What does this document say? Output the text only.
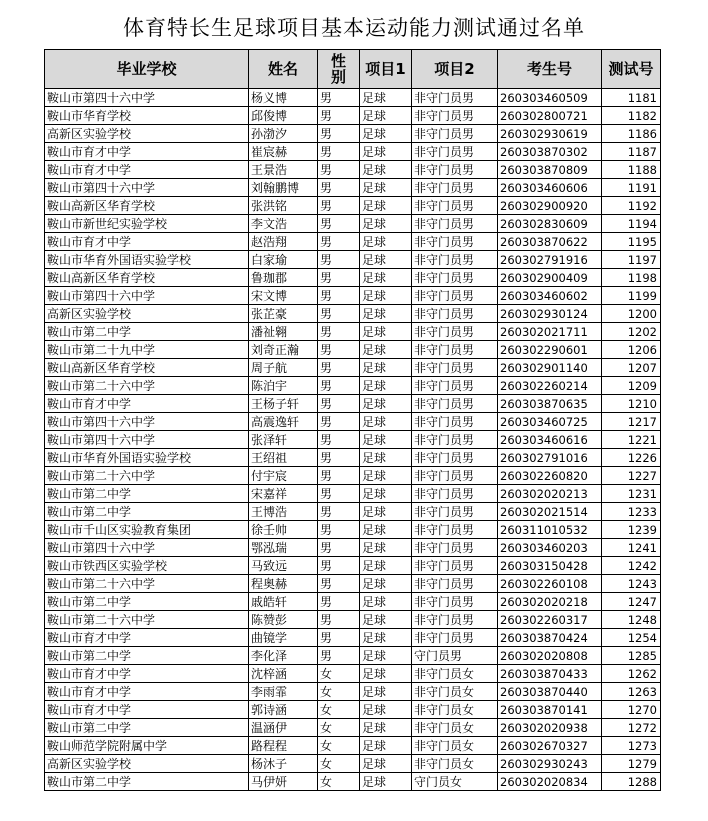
体育特长生足球项目基本运动能力测试通过名单
毕业学校	姓名	性别	项目1	项目2	考生号	测试号
鞍山市第四十六中学	杨义博	男	足球	非守门员男	260303460509	1181
鞍山市华育学校	邱俊博	男	足球	非守门员男	260302800721	1182
高新区实验学校	孙渤汐	男	足球	非守门员男	260302930619	1186
鞍山市育才中学	崔宸赫	男	足球	非守门员男	260303870302	1187
鞍山市育才中学	王景浩	男	足球	非守门员男	260303870809	1188
鞍山市第四十六中学	刘翰鹏博	男	足球	非守门员男	260303460606	1191
鞍山高新区华育学校	张洪铭	男	足球	非守门员男	260302900920	1192
鞍山市新世纪实验学校	李文浩	男	足球	非守门员男	260302830609	1194
鞍山市育才中学	赵浩翔	男	足球	非守门员男	260303870622	1195
鞍山市华育外国语实验学校	白家瑜	男	足球	非守门员男	260302791916	1197
鞍山高新区华育学校	鲁珈郡	男	足球	非守门员男	260302900409	1198
鞍山市第四十六中学	宋文博	男	足球	非守门员男	260303460602	1199
高新区实验学校	张芷豪	男	足球	非守门员男	260302930124	1200
鞍山市第二中学	潘祉翱	男	足球	非守门员男	260302021711	1202
鞍山市第二十九中学	刘奇正瀚	男	足球	非守门员男	260302290601	1206
鞍山高新区华育学校	周子航	男	足球	非守门员男	260302901140	1207
鞍山市第二十六中学	陈泊宇	男	足球	非守门员男	260302260214	1209
鞍山市育才中学	王杨子轩	男	足球	非守门员男	260303870635	1210
鞍山市第四十六中学	高震逸轩	男	足球	非守门员男	260303460725	1217
鞍山市第四十六中学	张泽轩	男	足球	非守门员男	260303460616	1221
鞍山市华育外国语实验学校	王绍祖	男	足球	非守门员男	260302791016	1226
鞍山市第二十六中学	付宇宸	男	足球	非守门员男	260302260820	1227
鞍山市第二中学	宋嘉祥	男	足球	非守门员男	260302020213	1231
鞍山市第二中学	王博浩	男	足球	非守门员男	260302021514	1233
鞍山市千山区实验教育集团	徐壬帅	男	足球	非守门员男	260311010532	1239
鞍山市第四十六中学	鄂泓瑞	男	足球	非守门员男	260303460203	1241
鞍山市铁西区实验学校	马致远	男	足球	非守门员男	260303150428	1242
鞍山市第二十六中学	程奥赫	男	足球	非守门员男	260302260108	1243
鞍山市第二中学	戚皓轩	男	足球	非守门员男	260302020218	1247
鞍山市第二十六中学	陈赞彭	男	足球	非守门员男	260302260317	1248
鞍山市育才中学	曲镜学	男	足球	非守门员男	260303870424	1254
鞍山市第二中学	李化泽	男	足球	守门员男	260302020808	1285
鞍山市育才中学	沈梓涵	女	足球	非守门员女	260303870433	1262
鞍山市育才中学	李雨霏	女	足球	非守门员女	260303870440	1263
鞍山市育才中学	郭诗涵	女	足球	非守门员女	260303870141	1270
鞍山市第二中学	温涵伊	女	足球	非守门员女	260302020938	1272
鞍山师范学院附属中学	路程程	女	足球	非守门员女	260302670327	1273
高新区实验学校	杨沐子	女	足球	非守门员女	260302930243	1279
鞍山市第二中学	马伊妍	女	足球	守门员女	260302020834	1288
